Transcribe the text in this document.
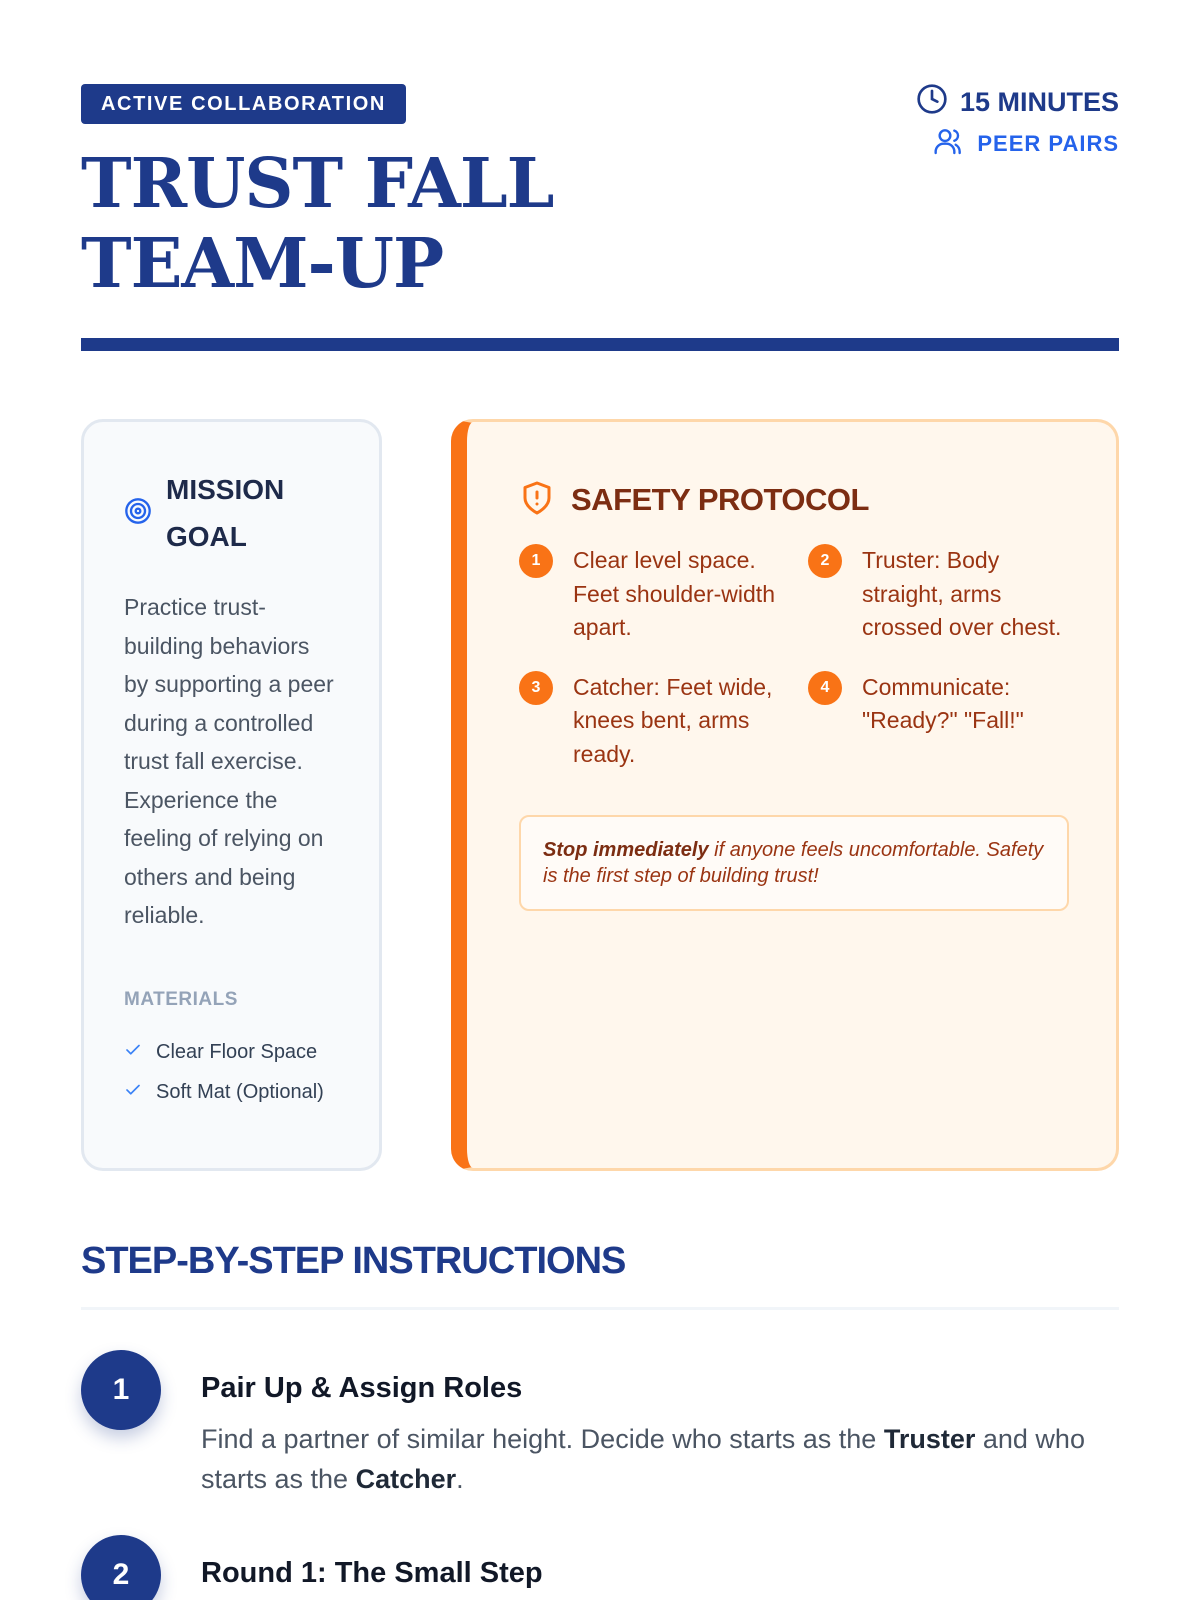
ACTIVE COLLABORATION
TRUST FALL
TEAM-UP
15 MINUTES
PEER PAIRS
MISSION GOAL

Practice trust-building behaviors by supporting a peer during a controlled trust fall exercise. Experience the feeling of relying on others and being reliable.

MATERIALS
Clear Floor Space
Soft Mat (Optional)
SAFETY PROTOCOL
1	Clear level space. Feet shoulder-width apart.
2	Truster: Body straight, arms crossed over chest.
3	Catcher: Feet wide, knees bent, arms ready.
4	Communicate: "Ready?" "Fall!"
Stop immediately if anyone feels uncomfortable. Safety is the first step of building trust!
STEP-BY-STEP INSTRUCTIONS
1	Pair Up & Assign Roles

Find a partner of similar height. Decide who starts as the Truster and who starts as the Catcher.

2	Round 1: The Small Step
